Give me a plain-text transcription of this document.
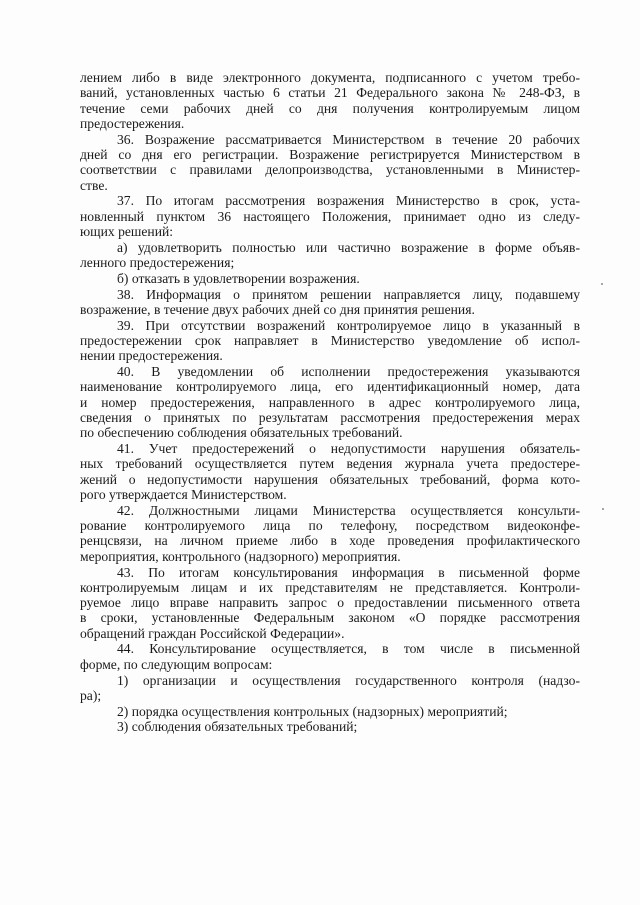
лением либо в виде электронного документа, подписанного с учетом требо-
ваний, установленных частью 6 статьи 21 Федерального закона № 248-ФЗ, в
течение семи рабочих дней со дня получения контролируемым лицом
предостережения.
36. Возражение рассматривается Министерством в течение 20 рабочих
дней со дня его регистрации. Возражение регистрируется Министерством в
соответствии с правилами делопроизводства, установленными в Министер-
стве.
37. По итогам рассмотрения возражения Министерство в срок, уста-
новленный пунктом 36 настоящего Положения, принимает одно из следу-
ющих решений:
а) удовлетворить полностью или частично возражение в форме объяв-
ленного предостережения;
б) отказать в удовлетворении возражения.
38. Информация о принятом решении направляется лицу, подавшему
возражение, в течение двух рабочих дней со дня принятия решения.
39. При отсутствии возражений контролируемое лицо в указанный в
предостережении срок направляет в Министерство уведомление об испол-
нении предостережения.
40. В уведомлении об исполнении предостережения указываются
наименование контролируемого лица, его идентификационный номер, дата
и номер предостережения, направленного в адрес контролируемого лица,
сведения о принятых по результатам рассмотрения предостережения мерах
по обеспечению соблюдения обязательных требований.
41. Учет предостережений о недопустимости нарушения обязатель-
ных требований осуществляется путем ведения журнала учета предостере-
жений о недопустимости нарушения обязательных требований, форма кото-
рого утверждается Министерством.
42. Должностными лицами Министерства осуществляется консульти-
рование контролируемого лица по телефону, посредством видеоконфе-
ренцсвязи, на личном приеме либо в ходе проведения профилактического
мероприятия, контрольного (надзорного) мероприятия.
43. По итогам консультирования информация в письменной форме
контролируемым лицам и их представителям не представляется. Контроли-
руемое лицо вправе направить запрос о предоставлении письменного ответа
в сроки, установленные Федеральным законом «О порядке рассмотрения
обращений граждан Российской Федерации».
44. Консультирование осуществляется, в том числе в письменной
форме, по следующим вопросам:
1) организации и осуществления государственного контроля (надзо-
ра);
2) порядка осуществления контрольных (надзорных) мероприятий;
3) соблюдения обязательных требований;
